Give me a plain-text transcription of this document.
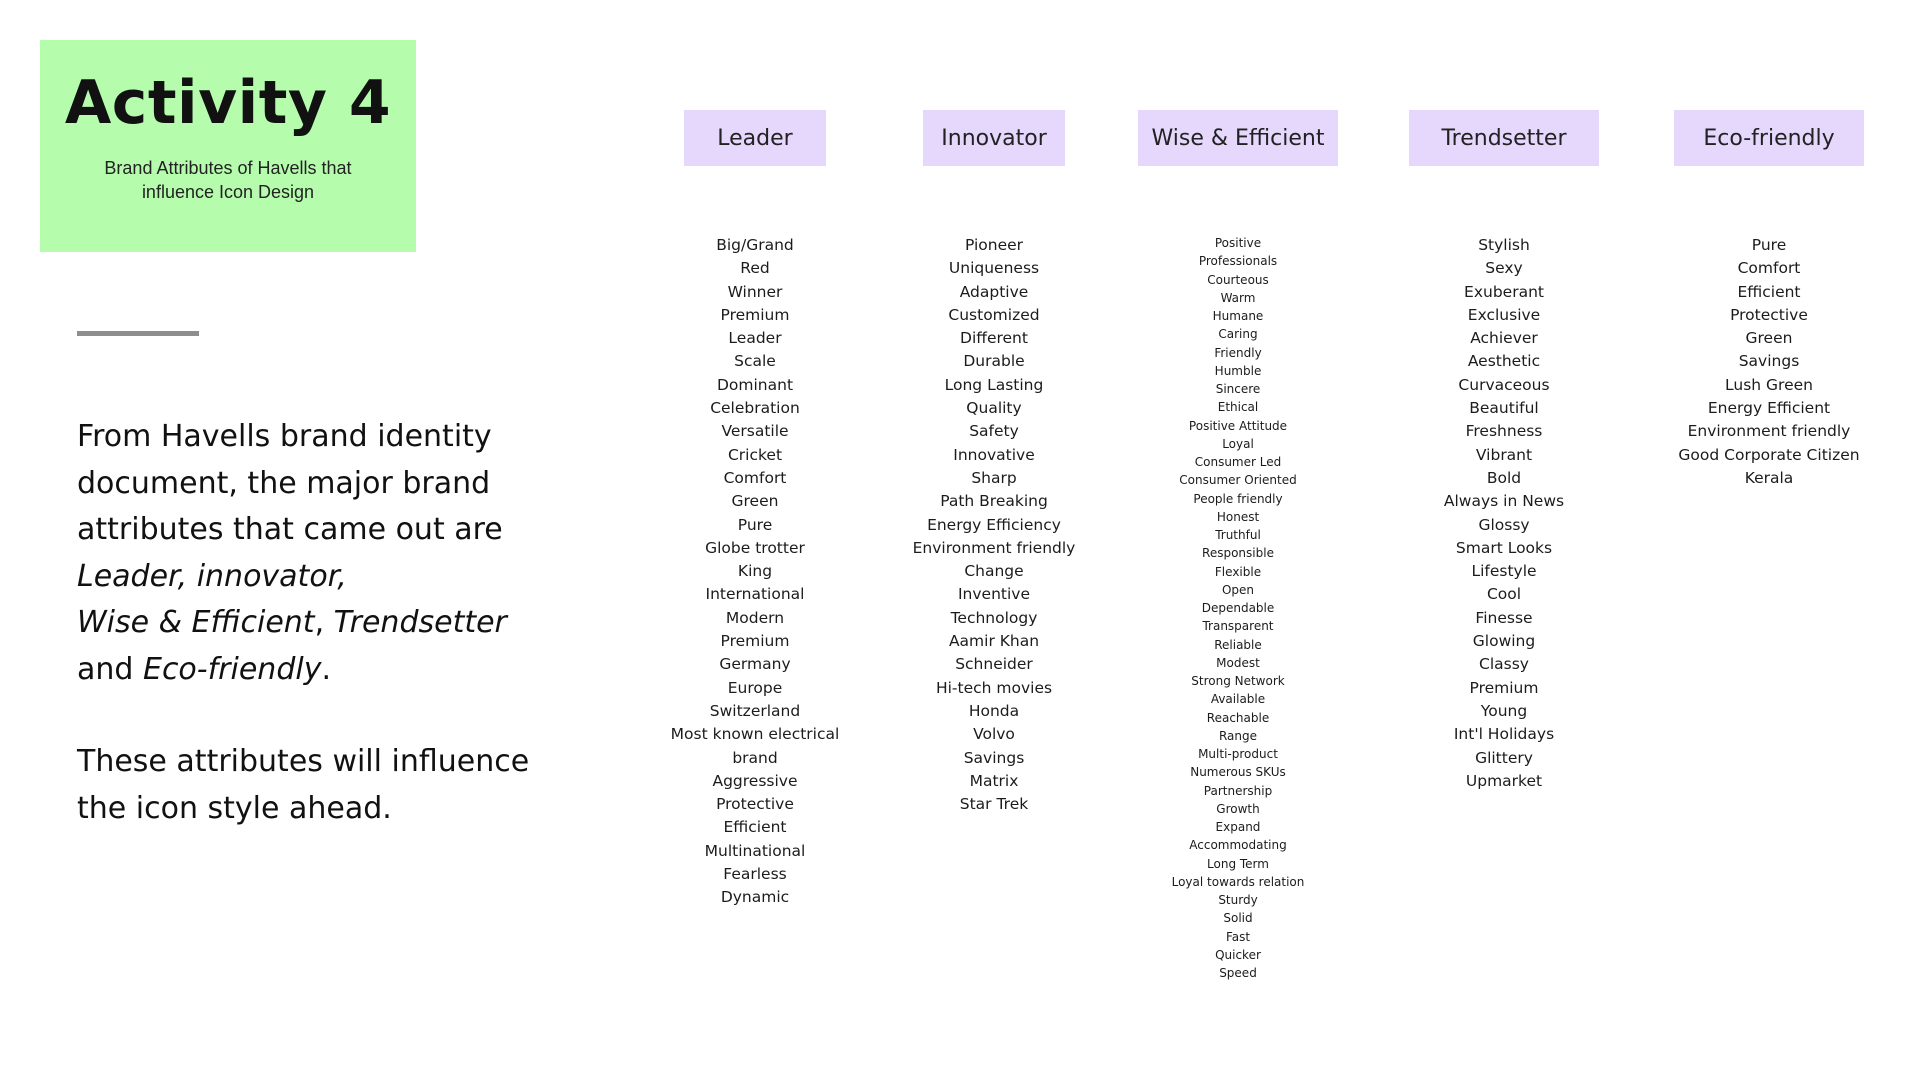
Activity 4
Brand Attributes of Havells that influence Icon Design

From Havells brand identity document, the major brand attributes that came out are
Leader, innovator,
Wise & Efficient, Trendsetter
and Eco-friendly.

These attributes will influence the icon style ahead.

Leader
Big/Grand
Red
Winner
Premium
Leader
Scale
Dominant
Celebration
Versatile
Cricket
Comfort
Green
Pure
Globe trotter
King
International
Modern
Premium
Germany
Europe
Switzerland
Most known electrical brand
Aggressive
Protective
Efficient
Multinational
Fearless
Dynamic
Innovator
Pioneer
Uniqueness
Adaptive
Customized
Different
Durable
Long Lasting
Quality
Safety
Innovative
Sharp
Path Breaking
Energy Efficiency
Environment friendly
Change
Inventive
Technology
Aamir Khan
Schneider
Hi-tech movies
Honda
Volvo
Savings
Matrix
Star Trek
Wise & Efficient
Positive
Professionals
Courteous
Warm
Humane
Caring
Friendly
Humble
Sincere
Ethical
Positive Attitude
Loyal
Consumer Led
Consumer Oriented
People friendly
Honest
Truthful
Responsible
Flexible
Open
Dependable
Transparent
Reliable
Modest
Strong Network
Available
Reachable
Range
Multi-product
Numerous SKUs
Partnership
Growth
Expand
Accommodating
Long Term
Loyal towards relation
Sturdy
Solid
Fast
Quicker
Speed
Trendsetter
Stylish
Sexy
Exuberant
Exclusive
Achiever
Aesthetic
Curvaceous
Beautiful
Freshness
Vibrant
Bold
Always in News
Glossy
Smart Looks
Lifestyle
Cool
Finesse
Glowing
Classy
Premium
Young
Int'l Holidays
Glittery
Upmarket
Eco-friendly
Pure
Comfort
Efficient
Protective
Green
Savings
Lush Green
Energy Efficient
Environment friendly
Good Corporate Citizen
Kerala
